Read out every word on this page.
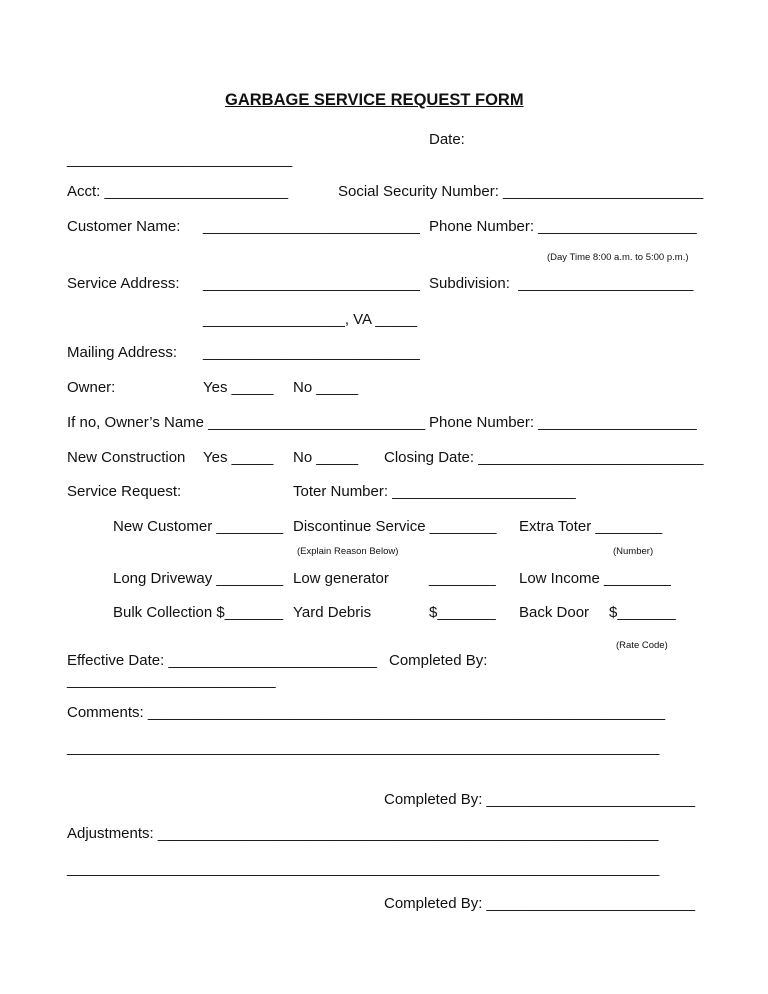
GARBAGE SERVICE REQUEST FORM
Date:
___________________________
Acct: ______________________	Social Security Number: ________________________
Customer Name: __________________________ Phone Number: ___________________
(Day Time 8:00 a.m. to 5:00 p.m.)
Service Address: __________________________ Subdivision:  _____________________
_________________, VA _____
Mailing Address: __________________________
Owner:	Yes _____ No _____
If no, Owner’s Name __________________________ Phone Number: ___________________
New Construction Yes _____ No _____ Closing Date: ___________________________
Service Request:	Toter Number: ______________________
New Customer ________ Discontinue Service ________ Extra Toter ________
(Explain Reason Below)	(Number)
Long Driveway ________ Low generator	________ Low Income ________
Bulk Collection $_______ Yard Debris	$_______ Back Door $_______
(Rate Code)
Effective Date: _________________________ Completed By:
_________________________
Comments: ______________________________________________________________
_______________________________________________________________________
Completed By: _________________________
Adjustments: ____________________________________________________________
_______________________________________________________________________
Completed By: _________________________
